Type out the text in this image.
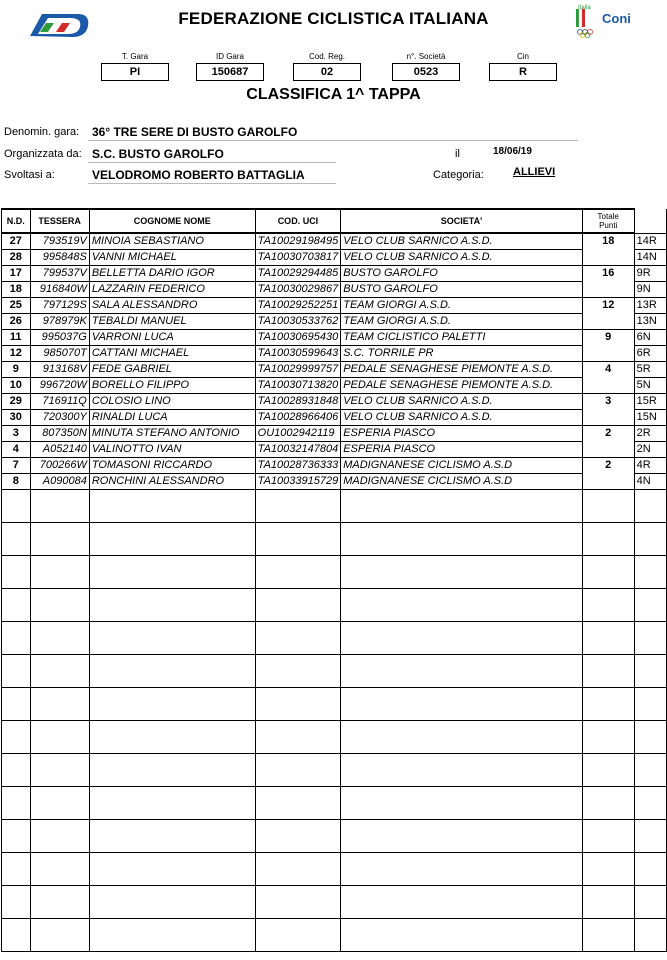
FEDERAZIONE CICLISTICA ITALIANA
Italia
Coni
T. Gara
PI
ID Gara
150687
Cod. Reg.
02
n°. Società
0523
Cin
R
CLASSIFICA 1^ TAPPA
Denomin. gara: 36° TRE SERE DI BUSTO GAROLFO
Organizzata da: S.C. BUSTO GAROLFO	il	18/06/19
Svoltasi a:	VELODROMO ROBERTO BATTAGLIA	Categoria:	ALLIEVI
N.D.	TESSERA	COGNOME NOME	COD. UCI	SOCIETA'	Totale
Punti	

27	793519V	MINOIA SEBASTIANO	TA10029198495	VELO CLUB SARNICO A.S.D.	18	14R
28	995848S	VANNI MICHAEL	TA10030703817	VELO CLUB SARNICO A.S.D.		14N
17	799537V	BELLETTA DARIO IGOR	TA10029294485	BUSTO GAROLFO	16	9R
18	916840W	LAZZARIN FEDERICO	TA10030029867	BUSTO GAROLFO		9N
25	797129S	SALA ALESSANDRO	TA10029252251	TEAM GIORGI A.S.D.	12	13R
26	978979K	TEBALDI MANUEL	TA10030533762	TEAM GIORGI A.S.D.		13N
11	995037G	VARRONI LUCA	TA10030695430	TEAM CICLISTICO PALETTI	9	6N
12	985070T	CATTANI MICHAEL	TA10030599643	S.C. TORRILE PR		6R
9	913168V	FEDE GABRIEL	TA10029999757	PEDALE SENAGHESE PIEMONTE A.S.D.	4	5R
10	996720W	BORELLO FILIPPO	TA10030713820	PEDALE SENAGHESE PIEMONTE A.S.D.		5N
29	716911Q	COLOSIO LINO	TA10028931848	VELO CLUB SARNICO A.S.D.	3	15R
30	720300Y	RINALDI LUCA	TA10028966406	VELO CLUB SARNICO A.S.D.		15N
3	807350N	MINUTA STEFANO ANTONIO	OU1002942119	ESPERIA PIASCO	2	2R
4	A052140	VALINOTTO IVAN	TA10032147804	ESPERIA PIASCO		2N
7	700266W	TOMASONI RICCARDO	TA10028736333	MADIGNANESE CICLISMO A.S.D	2	4R
8	A090084	RONCHINI ALESSANDRO	TA10033915729	MADIGNANESE CICLISMO A.S.D		4N
